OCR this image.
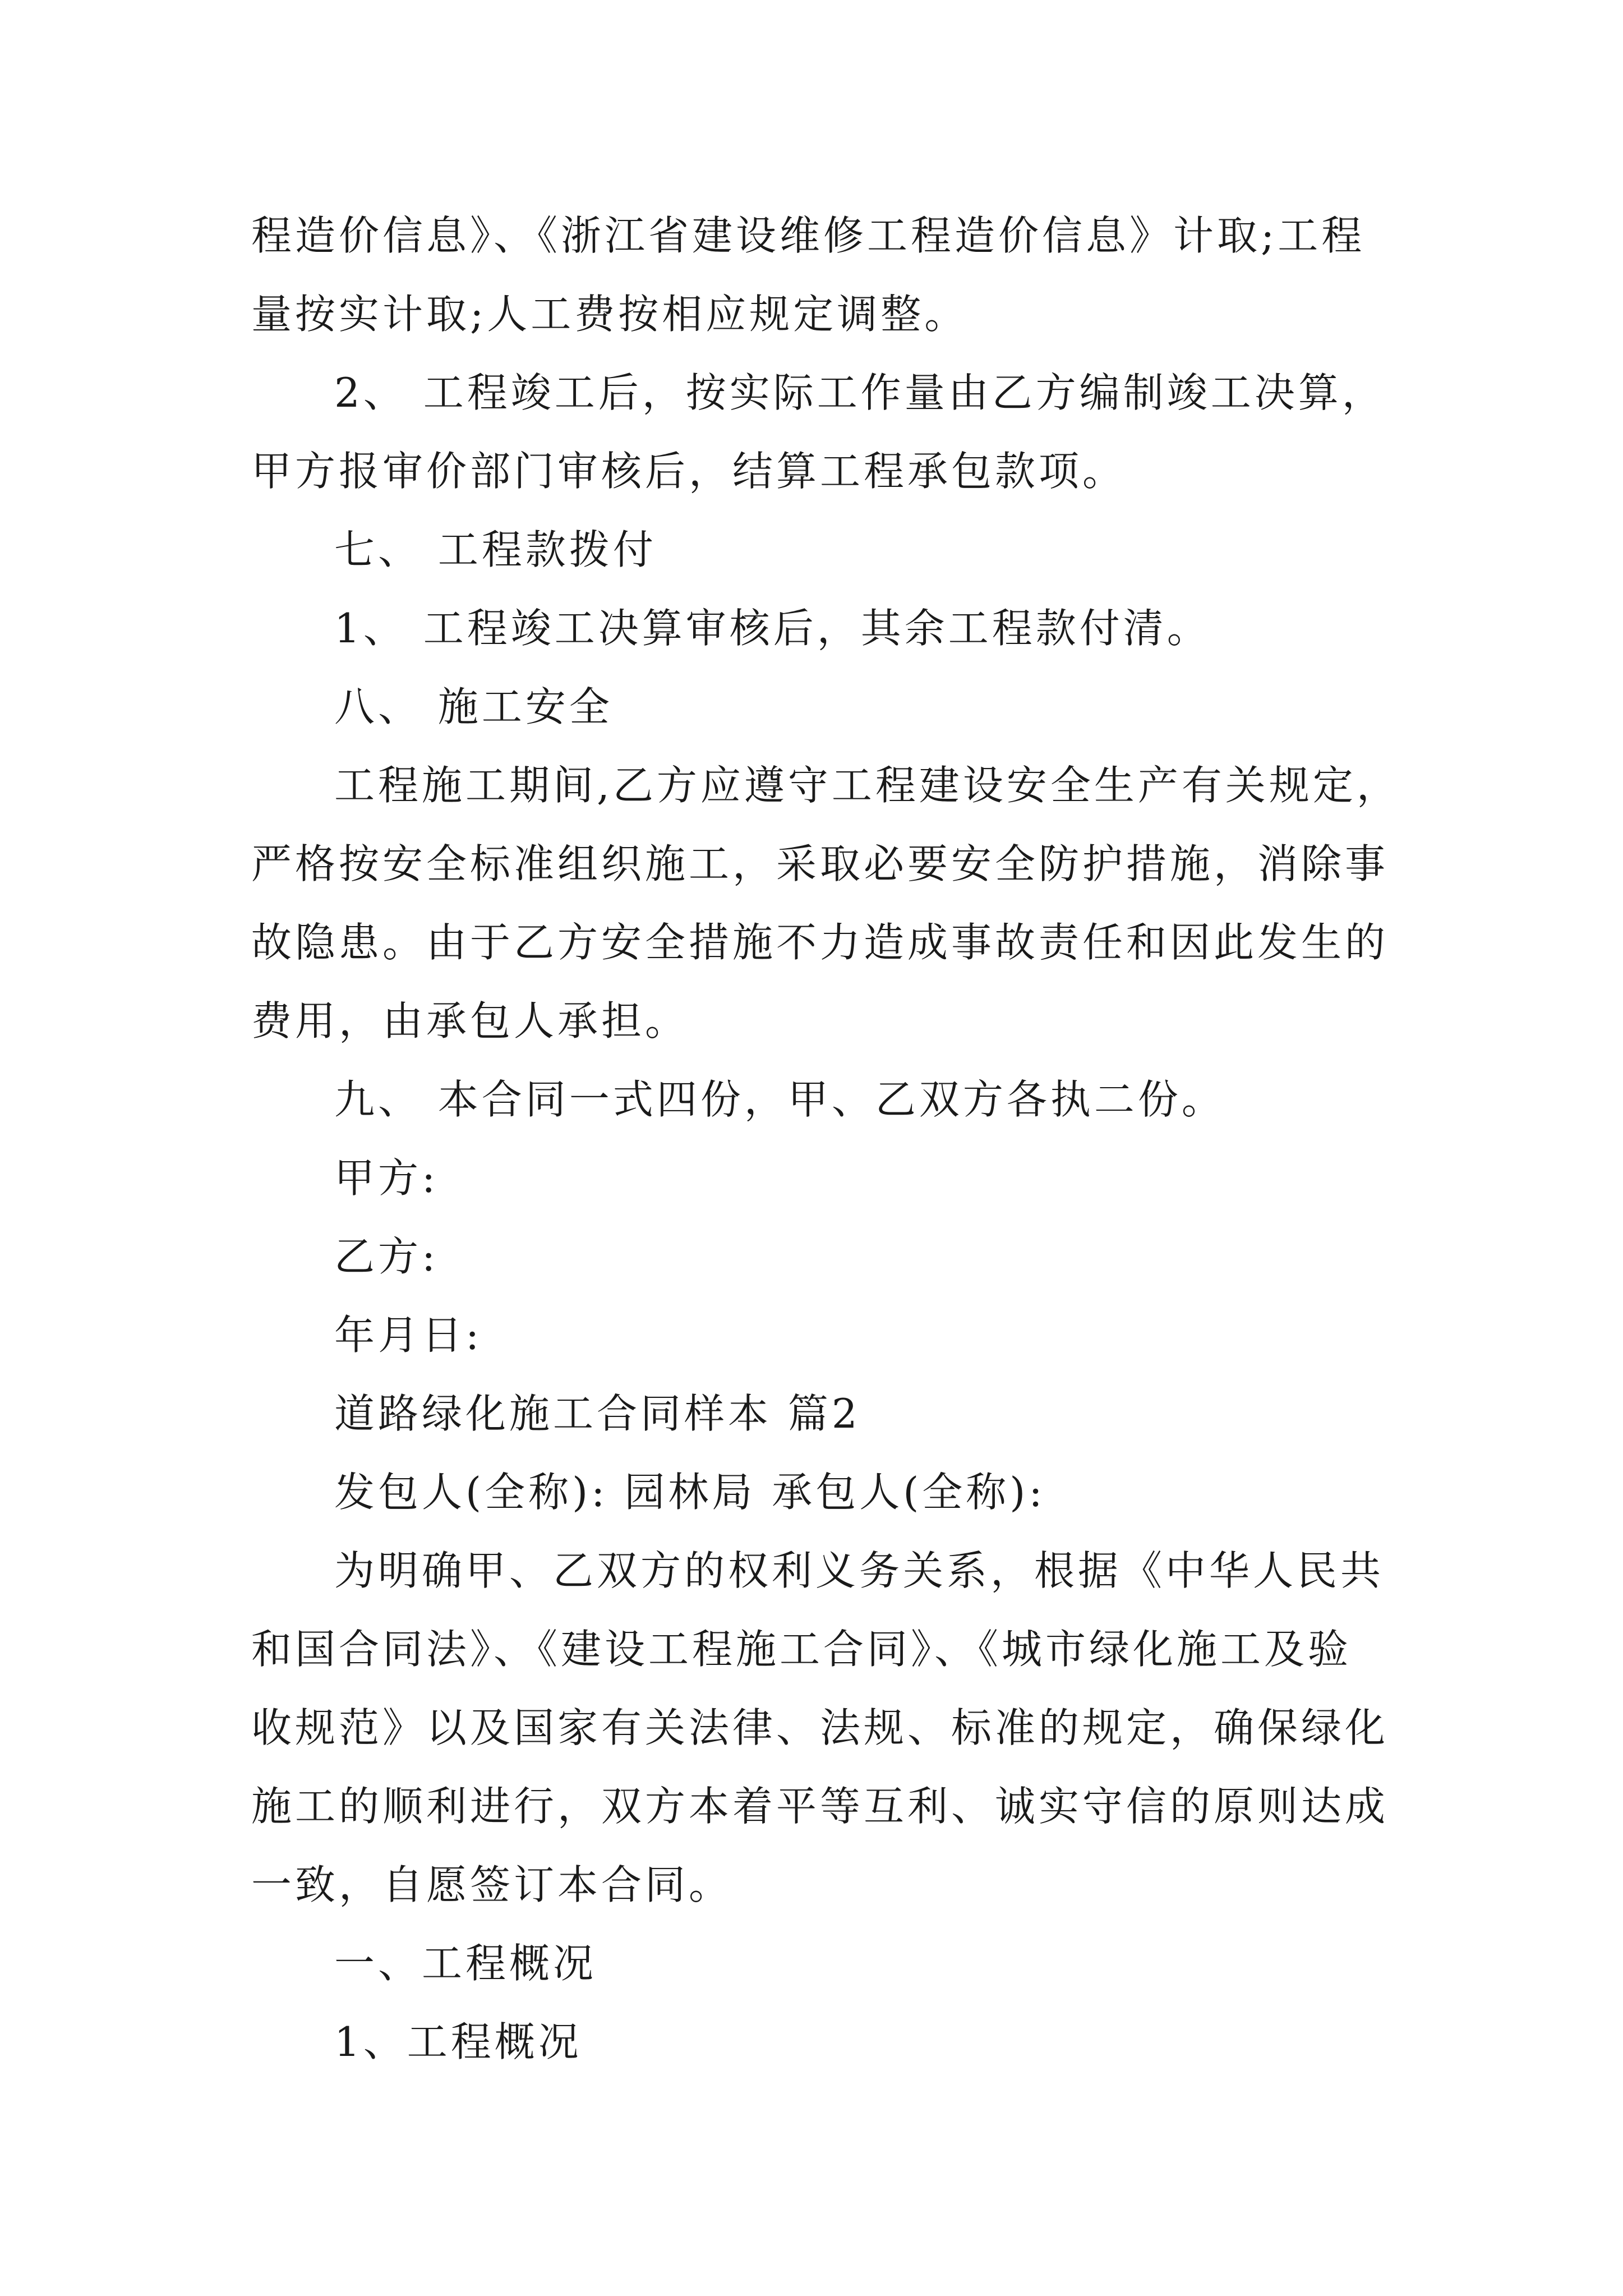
程造价信息》、《浙江省建设维修工程造价信息》计取;工程
量按实计取;人工费按相应规定调整。
2、 工程竣工后，按实际工作量由乙方编制竣工决算，
甲方报审价部门审核后，结算工程承包款项。
七、 工程款拨付
1、 工程竣工决算审核后，其余工程款付清。
八、 施工安全
工程施工期间,乙方应遵守工程建设安全生产有关规定，
严格按安全标准组织施工，采取必要安全防护措施，消除事
故隐患。由于乙方安全措施不力造成事故责任和因此发生的
费用，由承包人承担。
九、 本合同一式四份，甲、乙双方各执二份。
甲方:
乙方:
年月日:
道路绿化施工合同样本 篇2
发包人(全称): 园林局 承包人(全称):
为明确甲、乙双方的权利义务关系，根据《中华人民共
和国合同法》、《建设工程施工合同》、《城市绿化施工及验
收规范》以及国家有关法律、法规、标准的规定，确保绿化
施工的顺利进行，双方本着平等互利、诚实守信的原则达成
一致，自愿签订本合同。
一、工程概况
1、工程概况
